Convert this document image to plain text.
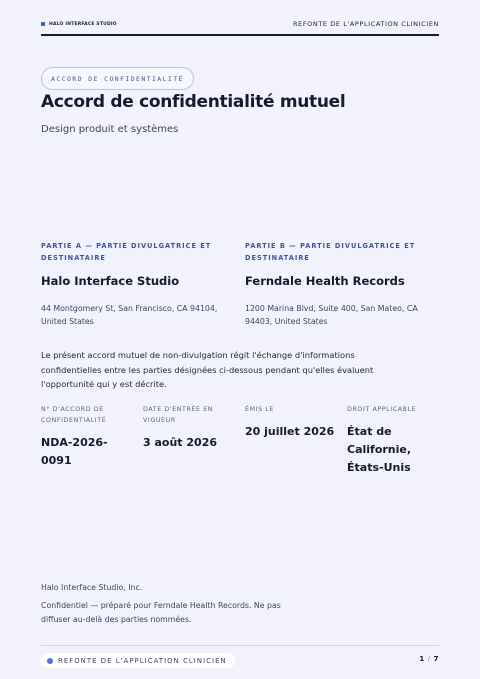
HALO INTERFACE STUDIO	REFONTE DE L'APPLICATION CLINICIEN
ACCORD DE CONFIDENTIALITÉ
Accord de confidentialité mutuel
Design produit et systèmes
PARTIE A — PARTIE DIVULGATRICE ET DESTINATAIRE
Halo Interface Studio
44 Montgomery St, San Francisco, CA 94104, United States
PARTIE B — PARTIE DIVULGATRICE ET DESTINATAIRE
Ferndale Health Records
1200 Marina Blvd, Suite 400, San Mateo, CA 94403, United States

Le présent accord mutuel de non-divulgation régit l'échange d'informations confidentielles entre les parties désignées ci-dessous pendant qu'elles évaluent l'opportunité qui y est décrite.

N° D'ACCORD DE CONFIDENTIALITÉ
NDA-2026-0091
DATE D'ENTRÉE EN VIGUEUR
3 août 2026
ÉMIS LE
20 juillet 2026
DROIT APPLICABLE
État de Californie, États-Unis
Halo Interface Studio, Inc.

Confidentiel — préparé pour Ferndale Health Records. Ne pas diffuser au-delà des parties nommées.

REFONTE DE L'APPLICATION CLINICIEN	1 / 7
